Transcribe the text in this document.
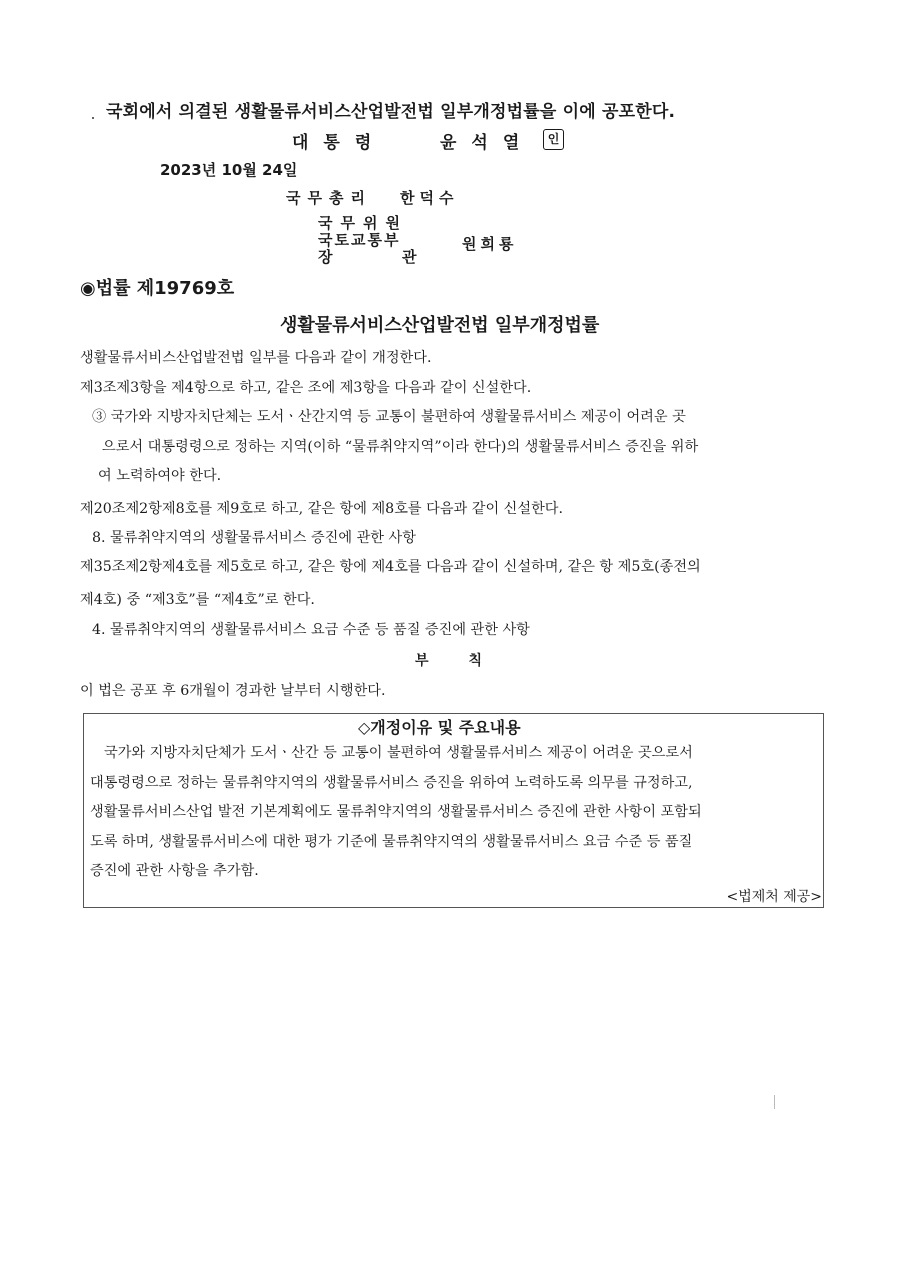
국회에서 의결된 생활물류서비스산업발전법 일부개정법률을 이에 공포한다.
대통령	윤석열	인
2023년 10월 24일
국무총리 한덕수
국무위원
국토교통부
장	관
원희룡
◉법률 제19769호
생활물류서비스산업발전법 일부개정법률
생활물류서비스산업발전법 일부를 다음과 같이 개정한다.
제3조제3항을 제4항으로 하고, 같은 조에 제3항을 다음과 같이 신설한다.
③ 국가와 지방자치단체는 도서ㆍ산간지역 등 교통이 불편하여 생활물류서비스 제공이 어려운 곳
으로서 대통령령으로 정하는 지역(이하 “물류취약지역”이라 한다)의 생활물류서비스 증진을 위하
여 노력하여야 한다.
제20조제2항제8호를 제9호로 하고, 같은 항에 제8호를 다음과 같이 신설한다.
8. 물류취약지역의 생활물류서비스 증진에 관한 사항
제35조제2항제4호를 제5호로 하고, 같은 항에 제4호를 다음과 같이 신설하며, 같은 항 제5호(종전의
제4호) 중 “제3호”를 “제4호”로 한다.
4. 물류취약지역의 생활물류서비스 요금 수준 등 품질 증진에 관한 사항
부칙
이 법은 공포 후 6개월이 경과한 날부터 시행한다.
◇개정이유 및 주요내용
국가와 지방자치단체가 도서ㆍ산간 등 교통이 불편하여 생활물류서비스 제공이 어려운 곳으로서
대통령령으로 정하는 물류취약지역의 생활물류서비스 증진을 위하여 노력하도록 의무를 규정하고,
생활물류서비스산업 발전 기본계획에도 물류취약지역의 생활물류서비스 증진에 관한 사항이 포함되
도록 하며, 생활물류서비스에 대한 평가 기준에 물류취약지역의 생활물류서비스 요금 수준 등 품질
증진에 관한 사항을 추가함.
<법제처 제공>
